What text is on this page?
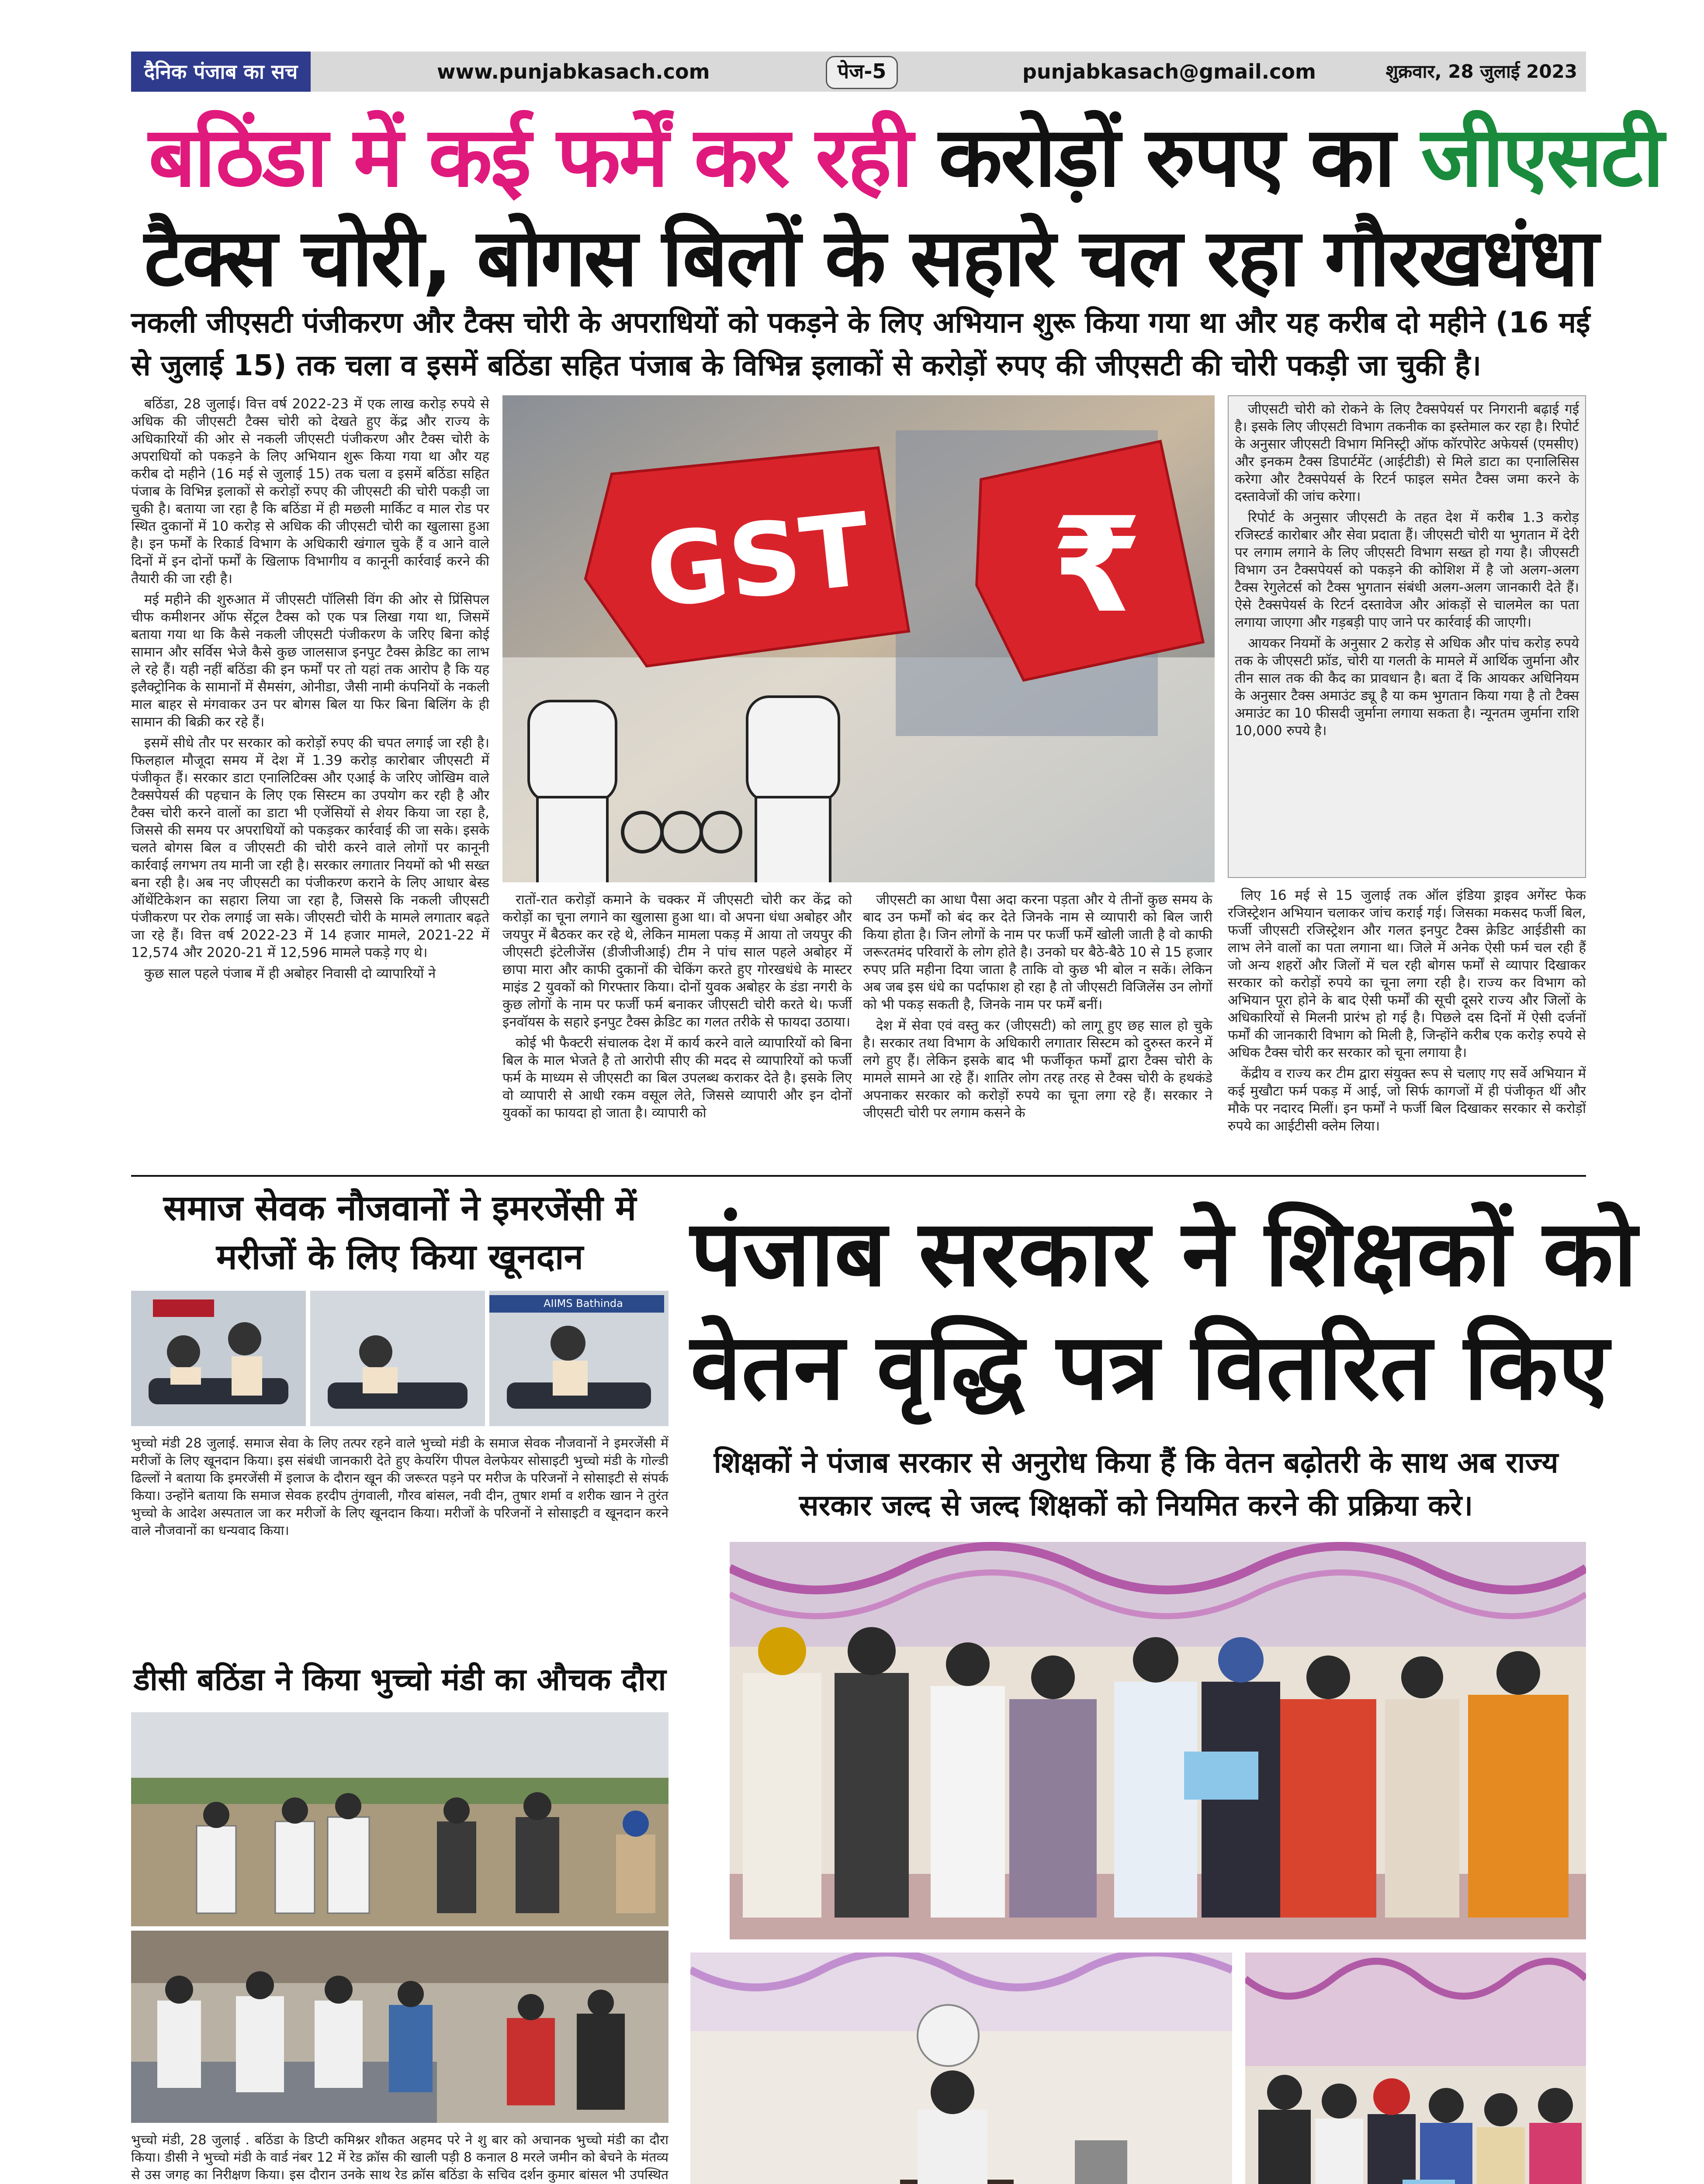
दैनिक पंजाब का सच	www.punjabkasach.com	पेज-5	punjabkasach@gmail.com	शुक्रवार, 28 जुलाई 2023
बठिंडा में कई फर्में कर रही करोड़ों रुपए का जीएसटी
टैक्स चोरी, बोगस बिलों के सहारे चल रहा गौरखधंधा
नकली जीएसटी पंजीकरण और टैक्स चोरी के अपराधियों को पकड़ने के लिए अभियान शुरू किया गया था और यह करीब दो महीने (16 मई से जुलाई 15) तक चला व इसमें बठिंडा सहित पंजाब के विभिन्न इलाकों से करोड़ों रुपए की जीएसटी की चोरी पकड़ी जा चुकी है।

बठिंडा, 28 जुलाई। वित्त वर्ष 2022-23 में एक लाख करोड़ रुपये से अधिक की जीएसटी टैक्स चोरी को देखते हुए केंद्र और राज्य के अधिकारियों की ओर से नकली जीएसटी पंजीकरण और टैक्स चोरी के अपराधियों को पकड़ने के लिए अभियान शुरू किया गया था और यह करीब दो महीने (16 मई से जुलाई 15) तक चला व इसमें बठिंडा सहित पंजाब के विभिन्न इलाकों से करोड़ों रुपए की जीएसटी की चोरी पकड़ी जा चुकी है। बताया जा रहा है कि बठिंडा में ही मछली मार्किट व माल रोड पर स्थित दुकानों में 10 करोड़ से अधिक की जीएसटी चोरी का खुलासा हुआ है। इन फर्मों के रिकार्ड विभाग के अधिकारी खंगाल चुके हैं व आने वाले दिनों में इन दोनों फर्मों के खिलाफ विभागीय व कानूनी कार्रवाई करने की तैयारी की जा रही है।

मई महीने की शुरुआत में जीएसटी पॉलिसी विंग की ओर से प्रिंसिपल चीफ कमीशनर ऑफ सेंट्रल टैक्स को एक पत्र लिखा गया था, जिसमें बताया गया था कि कैसे नकली जीएसटी पंजीकरण के जरिए बिना कोई सामान और सर्विस भेजे कैसे कुछ जालसाज इनपुट टैक्स क्रेडिट का लाभ ले रहे हैं। यही नहीं बठिंडा की इन फर्मों पर तो यहां तक आरोप है कि यह इलैक्ट्रोनिक के सामानों में सैमसंग, ओनीडा, जैसी नामी कंपनियों के नकली माल बाहर से मंगवाकर उन पर बोगस बिल या फिर बिना बिलिंग के ही सामान की बिक्री कर रहे हैं।

इसमें सीधे तौर पर सरकार को करोड़ों रुपए की चपत लगाई जा रही है। फिलहाल मौजूदा समय में देश में 1.39 करोड़ कारोबार जीएसटी में पंजीकृत हैं। सरकार डाटा एनालिटिक्स और एआई के जरिए जोखिम वाले टैक्सपेयर्स की पहचान के लिए एक सिस्टम का उपयोग कर रही है और टैक्स चोरी करने वालों का डाटा भी एजेंसियों से शेयर किया जा रहा है, जिससे की समय पर अपराधियों को पकड़कर कार्रवाई की जा सके। इसके चलते बोगस बिल व जीएसटी की चोरी करने वाले लोगों पर कानूनी कार्रवाई लगभग तय मानी जा रही है। सरकार लगातार नियमों को भी सख्त बना रही है। अब नए जीएसटी का पंजीकरण कराने के लिए आधार बेस्ड ऑथेंटिकेशन का सहारा लिया जा रहा है, जिससे कि नकली जीएसटी पंजीकरण पर रोक लगाई जा सके। जीएसटी चोरी के मामले लगातार बढ़ते जा रहे हैं। वित्त वर्ष 2022-23 में 14 हजार मामले, 2021-22 में 12,574 और 2020-21 में 12,596 मामले पकड़े गए थे।

कुछ साल पहले पंजाब में ही अबोहर निवासी दो व्यापारियों ने

GST ₹

रातों-रात करोड़ों कमाने के चक्कर में जीएसटी चोरी कर केंद्र को करोड़ों का चूना लगाने का खुलासा हुआ था। वो अपना धंधा अबोहर और जयपुर में बैठकर कर रहे थे, लेकिन मामला पकड़ में आया तो जयपुर की जीएसटी इंटेलीजेंस (डीजीजीआई) टीम ने पांच साल पहले अबोहर में छापा मारा और काफी दुकानों की चेकिंग करते हुए गोरखधंधे के मास्टर माइंड 2 युवकों को गिरफ्तार किया। दोनों युवक अबोहर के डंडा नगरी के कुछ लोगों के नाम पर फर्जी फर्म बनाकर जीएसटी चोरी करते थे। फर्जी इनवॉयस के सहारे इनपुट टैक्स क्रेडिट का गलत तरीके से फायदा उठाया।

कोई भी फैक्टरी संचालक देश में कार्य करने वाले व्यापारियों को बिना बिल के माल भेजते है तो आरोपी सीए की मदद से व्यापारियों को फर्जी फर्म के माध्यम से जीएसटी का बिल उपलब्ध कराकर देते है। इसके लिए वो व्यापारी से आधी रकम वसूल लेते, जिससे व्यापारी और इन दोनों युवकों का फायदा हो जाता है। व्यापारी को

जीएसटी का आधा पैसा अदा करना पड़ता और ये तीनों कुछ समय के बाद उन फर्मों को बंद कर देते जिनके नाम से व्यापारी को बिल जारी किया होता है। जिन लोगों के नाम पर फर्जी फर्में खोली जाती है वो काफी जरूरतमंद परिवारों के लोग होते है। उनको घर बैठे-बैठे 10 से 15 हजार रुपए प्रति महीना दिया जाता है ताकि वो कुछ भी बोल न सकें। लेकिन अब जब इस धंधे का पर्दाफाश हो रहा है तो जीएसटी विजिलेंस उन लोगों को भी पकड़ सकती है, जिनके नाम पर फर्में बनीं।

देश में सेवा एवं वस्तु कर (जीएसटी) को लागू हुए छह साल हो चुके है। सरकार तथा विभाग के अधिकारी लगातार सिस्टम को दुरुस्त करने में लगे हुए हैं। लेकिन इसके बाद भी फर्जीकृत फर्मों द्वारा टैक्स चोरी के मामले सामने आ रहे हैं। शातिर लोग तरह तरह से टैक्स चोरी के हथकंडे अपनाकर सरकार को करोड़ों रुपये का चूना लगा रहे हैं। सरकार ने जीएसटी चोरी पर लगाम कसने के

जीएसटी चोरी को रोकने के लिए टैक्सपेयर्स पर निगरानी बढ़ाई गई है। इसके लिए जीएसटी विभाग तकनीक का इस्तेमाल कर रहा है। रिपोर्ट के अनुसार जीएसटी विभाग मिनिस्ट्री ऑफ कॉरपोरेट अफेयर्स (एमसीए) और इनकम टैक्स डिपार्टमेंट (आईटीडी) से मिले डाटा का एनालिसिस करेगा और टैक्सपेयर्स के रिटर्न फाइल समेत टैक्स जमा करने के दस्तावेजों की जांच करेगा।

रिपोर्ट के अनुसार जीएसटी के तहत देश में करीब 1.3 करोड़ रजिस्टर्ड कारोबार और सेवा प्रदाता हैं। जीएसटी चोरी या भुगतान में देरी पर लगाम लगाने के लिए जीएसटी विभाग सख्त हो गया है। जीएसटी विभाग उन टैक्सपेयर्स को पकड़ने की कोशिश में है जो अलग-अलग टैक्स रेगुलेटर्स को टैक्स भुगतान संबंधी अलग-अलग जानकारी देते हैं। ऐसे टैक्सपेयर्स के रिटर्न दस्तावेज और आंकड़ों से चालमेल का पता लगाया जाएगा और गड़बड़ी पाए जाने पर कार्रवाई की जाएगी।

आयकर नियमों के अनुसार 2 करोड़ से अधिक और पांच करोड़ रुपये तक के जीएसटी फ्रॉड, चोरी या गलती के मामले में आर्थिक जुर्माना और तीन साल तक की कैद का प्रावधान है। बता दें कि आयकर अधिनियम के अनुसार टैक्स अमाउंट ड्यू है या कम भुगतान किया गया है तो टैक्स अमाउंट का 10 फीसदी जुर्माना लगाया सकता है। न्यूनतम जुर्माना राशि 10,000 रुपये है।

लिए 16 मई से 15 जुलाई तक ऑल इंडिया ड्राइव अगेंस्ट फेक रजिस्ट्रेशन अभियान चलाकर जांच कराई गई। जिसका मकसद फर्जी बिल, फर्जी जीएसटी रजिस्ट्रेशन और गलत इनपुट टैक्स क्रेडिट आईडीसी का लाभ लेने वालों का पता लगाना था। जिले में अनेक ऐसी फर्म चल रही हैं जो अन्य शहरों और जिलों में चल रही बोगस फर्मों से व्यापार दिखाकर सरकार को करोड़ों रुपये का चूना लगा रही है। राज्य कर विभाग को अभियान पूरा होने के बाद ऐसी फर्मों की सूची दूसरे राज्य और जिलों के अधिकारियों से मिलनी प्रारंभ हो गई है। पिछले दस दिनों में ऐसी दर्जनों फर्मों की जानकारी विभाग को मिली है, जिन्होंने करीब एक करोड़ रुपये से अधिक टैक्स चोरी कर सरकार को चूना लगाया है।

केंद्रीय व राज्य कर टीम द्वारा संयुक्त रूप से चलाए गए सर्वे अभियान में कई मुखौटा फर्म पकड़ में आई, जो सिर्फ कागजों में ही पंजीकृत थीं और मौके पर नदारद मिलीं। इन फर्मों ने फर्जी बिल दिखाकर सरकार से करोड़ों रुपये का आईटीसी क्लेम लिया।

समाज सेवक नौजवानों ने इमरजेंसी में मरीजों के लिए किया खूनदान
AIIMS Bathinda
भुच्चो मंडी 28 जुलाई. समाज सेवा के लिए तत्पर रहने वाले भुच्चो मंडी के समाज सेवक नौजवानों ने इमरजेंसी में मरीजों के लिए खूनदान किया। इस संबंधी जानकारी देते हुए केयरिंग पीपल वेलफेयर सोसाइटी भुच्चो मंडी के गोल्डी ढिल्लों ने बताया कि इमरजेंसी में इलाज के दौरान खून की जरूरत पड़ने पर मरीज के परिजनों ने सोसाइटी से संपर्क किया। उन्होंने बताया कि समाज सेवक हरदीप तुंगवाली, गौरव बांसल, नवी दीन, तुषार शर्मा व शरीक खान ने तुरंत भुच्चो के आदेश अस्पताल जा कर मरीजों के लिए खूनदान किया। मरीजों के परिजनों ने सोसाइटी व खूनदान करने वाले नौजवानों का धन्यवाद किया।
डीसी बठिंडा ने किया भुच्चो मंडी का औचक दौरा
भुच्चो मंडी, 28 जुलाई . बठिंडा के डिप्टी कमिश्नर शौकत अहमद परे ने शु बार को अचानक भुच्चो मंडी का दौरा किया। डीसी ने भुच्चो मंडी के वार्ड नंबर 12 में रेड क्रॉस की खाली पड़ी 8 कनाल 8 मरले जमीन को बेचने के मंतव्य से उस जगह का निरीक्षण किया। इस दौरान उनके साथ रेड क्रॉस बठिंडा के सचिव दर्शन कुमार बांसल भी उपस्थित
पंजाब सरकार ने शिक्षकों को
वेतन वृद्धि पत्र वितरित किए
शिक्षकों ने पंजाब सरकार से अनुरोध किया हैं कि वेतन बढ़ोतरी के साथ अब राज्य सरकार जल्द से जल्द शिक्षकों को नियमित करने की प्रक्रिया करे।
